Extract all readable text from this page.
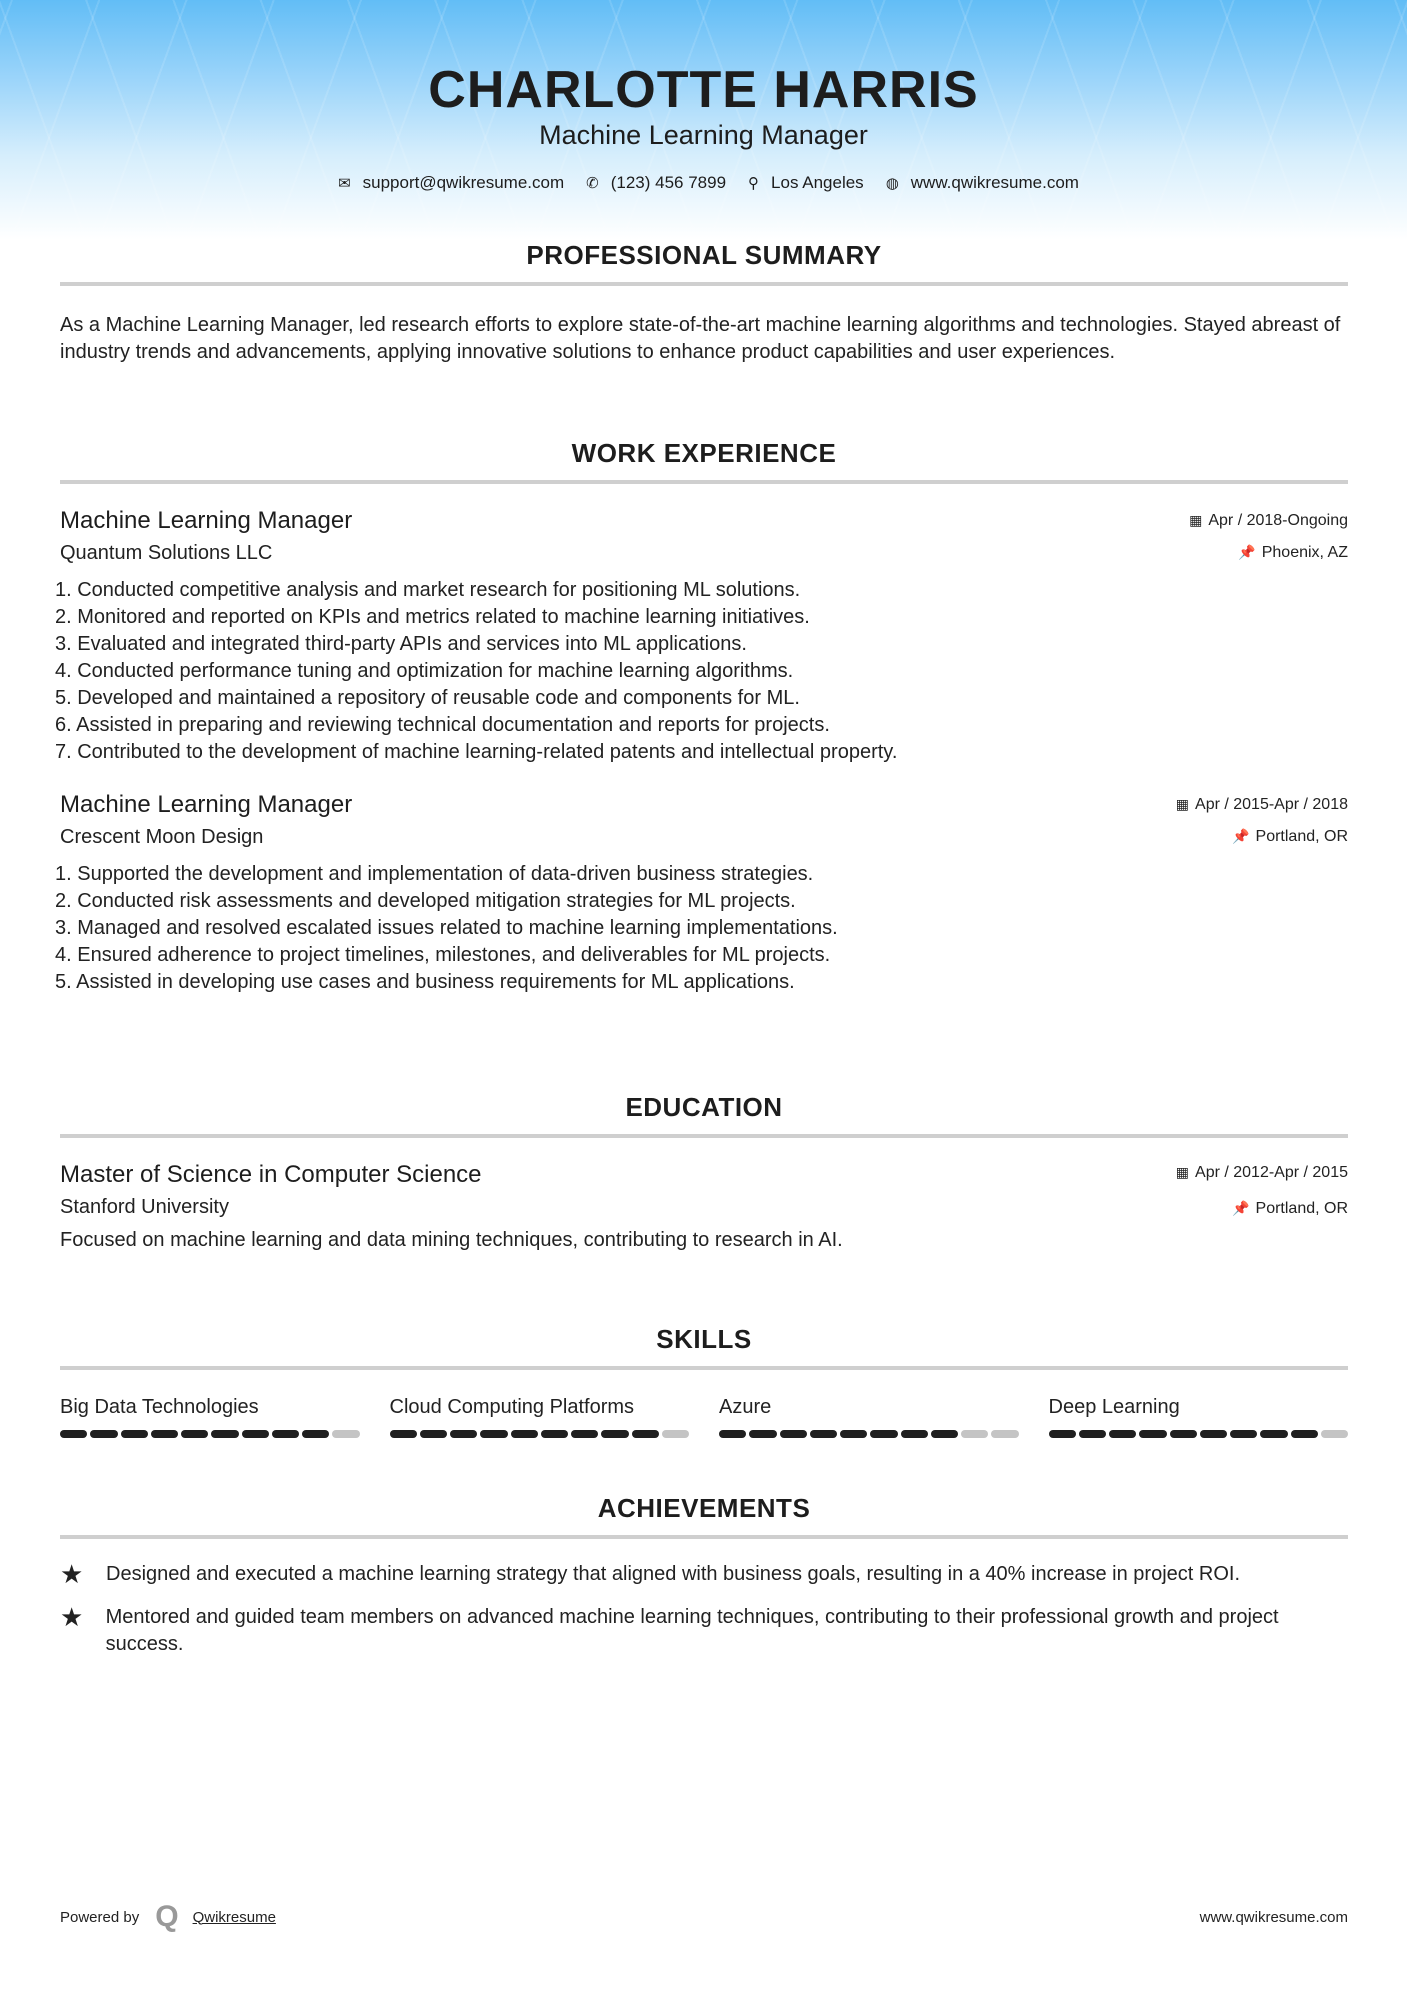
CHARLOTTE HARRIS
Machine Learning Manager
✉ support@qwikresume.com ✆ (123) 456 7899 ⚲ Los Angeles ◍ www.qwikresume.com
PROFESSIONAL SUMMARY
As a Machine Learning Manager, led research efforts to explore state-of-the-art machine learning algorithms and technologies. Stayed abreast of industry trends and advancements, applying innovative solutions to enhance product capabilities and user experiences.
WORK EXPERIENCE
▦ Apr / 2018-Ongoing
📌 Phoenix, AZ
Machine Learning Manager
Quantum Solutions LLC
1. Conducted competitive analysis and market research for positioning ML solutions.
2. Monitored and reported on KPIs and metrics related to machine learning initiatives.
3. Evaluated and integrated third-party APIs and services into ML applications.
4. Conducted performance tuning and optimization for machine learning algorithms.
5. Developed and maintained a repository of reusable code and components for ML.
6. Assisted in preparing and reviewing technical documentation and reports for projects.
7. Contributed to the development of machine learning-related patents and intellectual property.
▦ Apr / 2015-Apr / 2018
📌 Portland, OR
Machine Learning Manager
Crescent Moon Design
1. Supported the development and implementation of data-driven business strategies.
2. Conducted risk assessments and developed mitigation strategies for ML projects.
3. Managed and resolved escalated issues related to machine learning implementations.
4. Ensured adherence to project timelines, milestones, and deliverables for ML projects.
5. Assisted in developing use cases and business requirements for ML applications.
EDUCATION
▦ Apr / 2012-Apr / 2015
📌 Portland, OR
Master of Science in Computer Science
Stanford University
Focused on machine learning and data mining techniques, contributing to research in AI.
SKILLS
Big Data Technologies	Cloud Computing Platforms	Azure	Deep Learning
ACHIEVEMENTS
★	Designed and executed a machine learning strategy that aligned with business goals, resulting in a 40% increase in project ROI.
★	Mentored and guided team members on advanced machine learning techniques, contributing to their professional growth and project success.
Powered by Q Qwikresume	www.qwikresume.com
